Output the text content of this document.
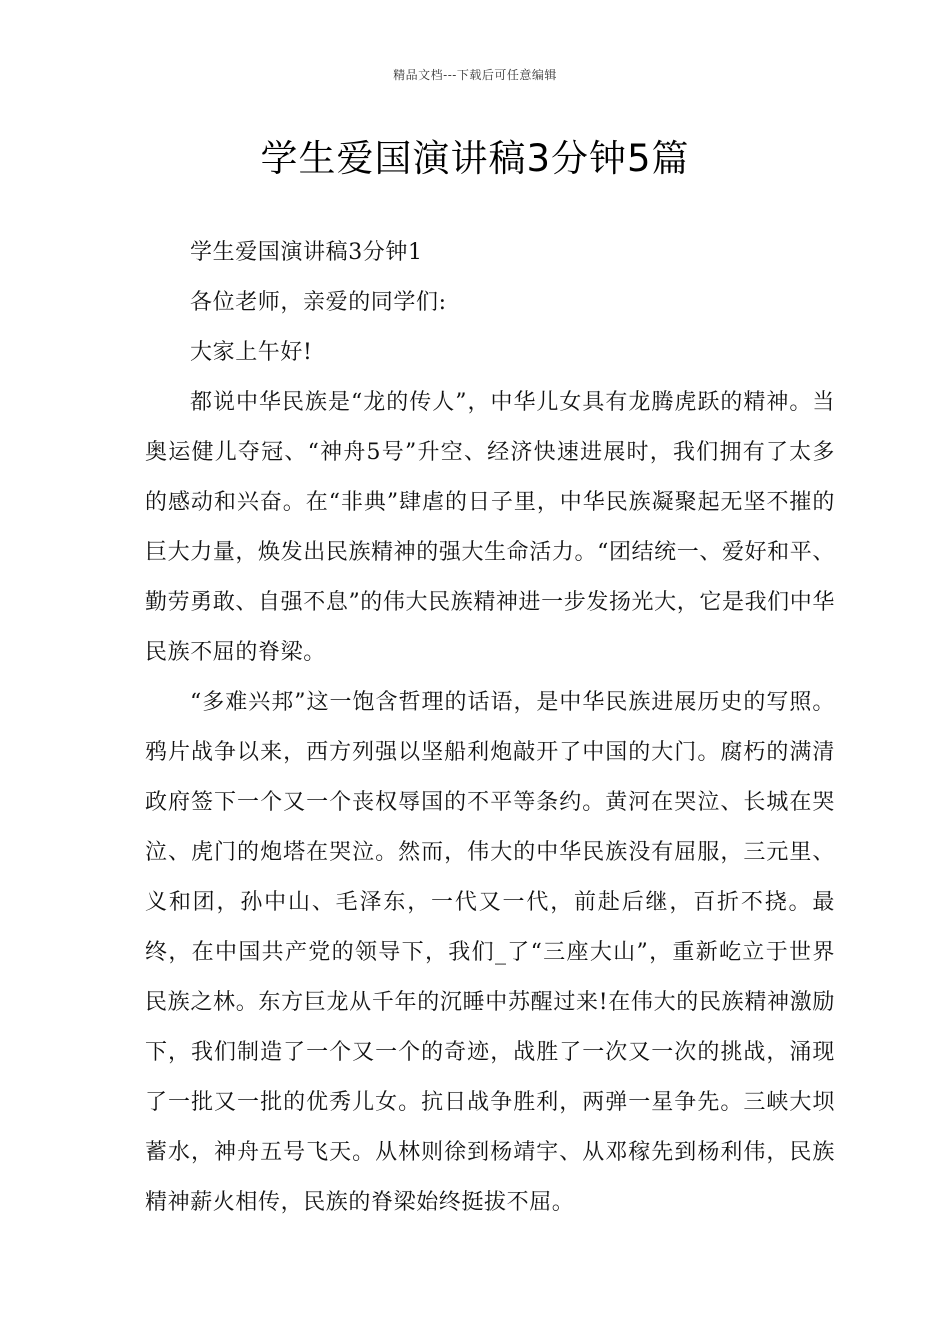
精品文档---下载后可任意编辑
学生爱国演讲稿3分钟5篇

学生爱国演讲稿3分钟1

各位老师，亲爱的同学们:

大家上午好!

都说中华民族是“龙的传人”，中华儿女具有龙腾虎跃的精神。当奥运健儿夺冠、“神舟5号”升空、经济快速进展时，我们拥有了太多的感动和兴奋。在“非典”肆虐的日子里，中华民族凝聚起无坚不摧的巨大力量，焕发出民族精神的强大生命活力。“团结统一、爱好和平、勤劳勇敢、自强不息”的伟大民族精神进一步发扬光大，它是我们中华民族不屈的脊梁。

“多难兴邦”这一饱含哲理的话语，是中华民族进展历史的写照。鸦片战争以来，西方列强以坚船利炮敲开了中国的大门。腐朽的满清政府签下一个又一个丧权辱国的不平等条约。黄河在哭泣、长城在哭泣、虎门的炮塔在哭泣。然而，伟大的中华民族没有屈服，三元里、义和团，孙中山、毛泽东，一代又一代，前赴后继，百折不挠。最终，在中国共产党的领导下，我们_了“三座大山”，重新屹立于世界民族之林。东方巨龙从千年的沉睡中苏醒过来!在伟大的民族精神激励下，我们制造了一个又一个的奇迹，战胜了一次又一次的挑战，涌现了一批又一批的优秀儿女。抗日战争胜利，两弹一星争先。三峡大坝蓄水，神舟五号飞天。从林则徐到杨靖宇、从邓稼先到杨利伟，民族精神薪火相传，民族的脊梁始终挺拔不屈。
